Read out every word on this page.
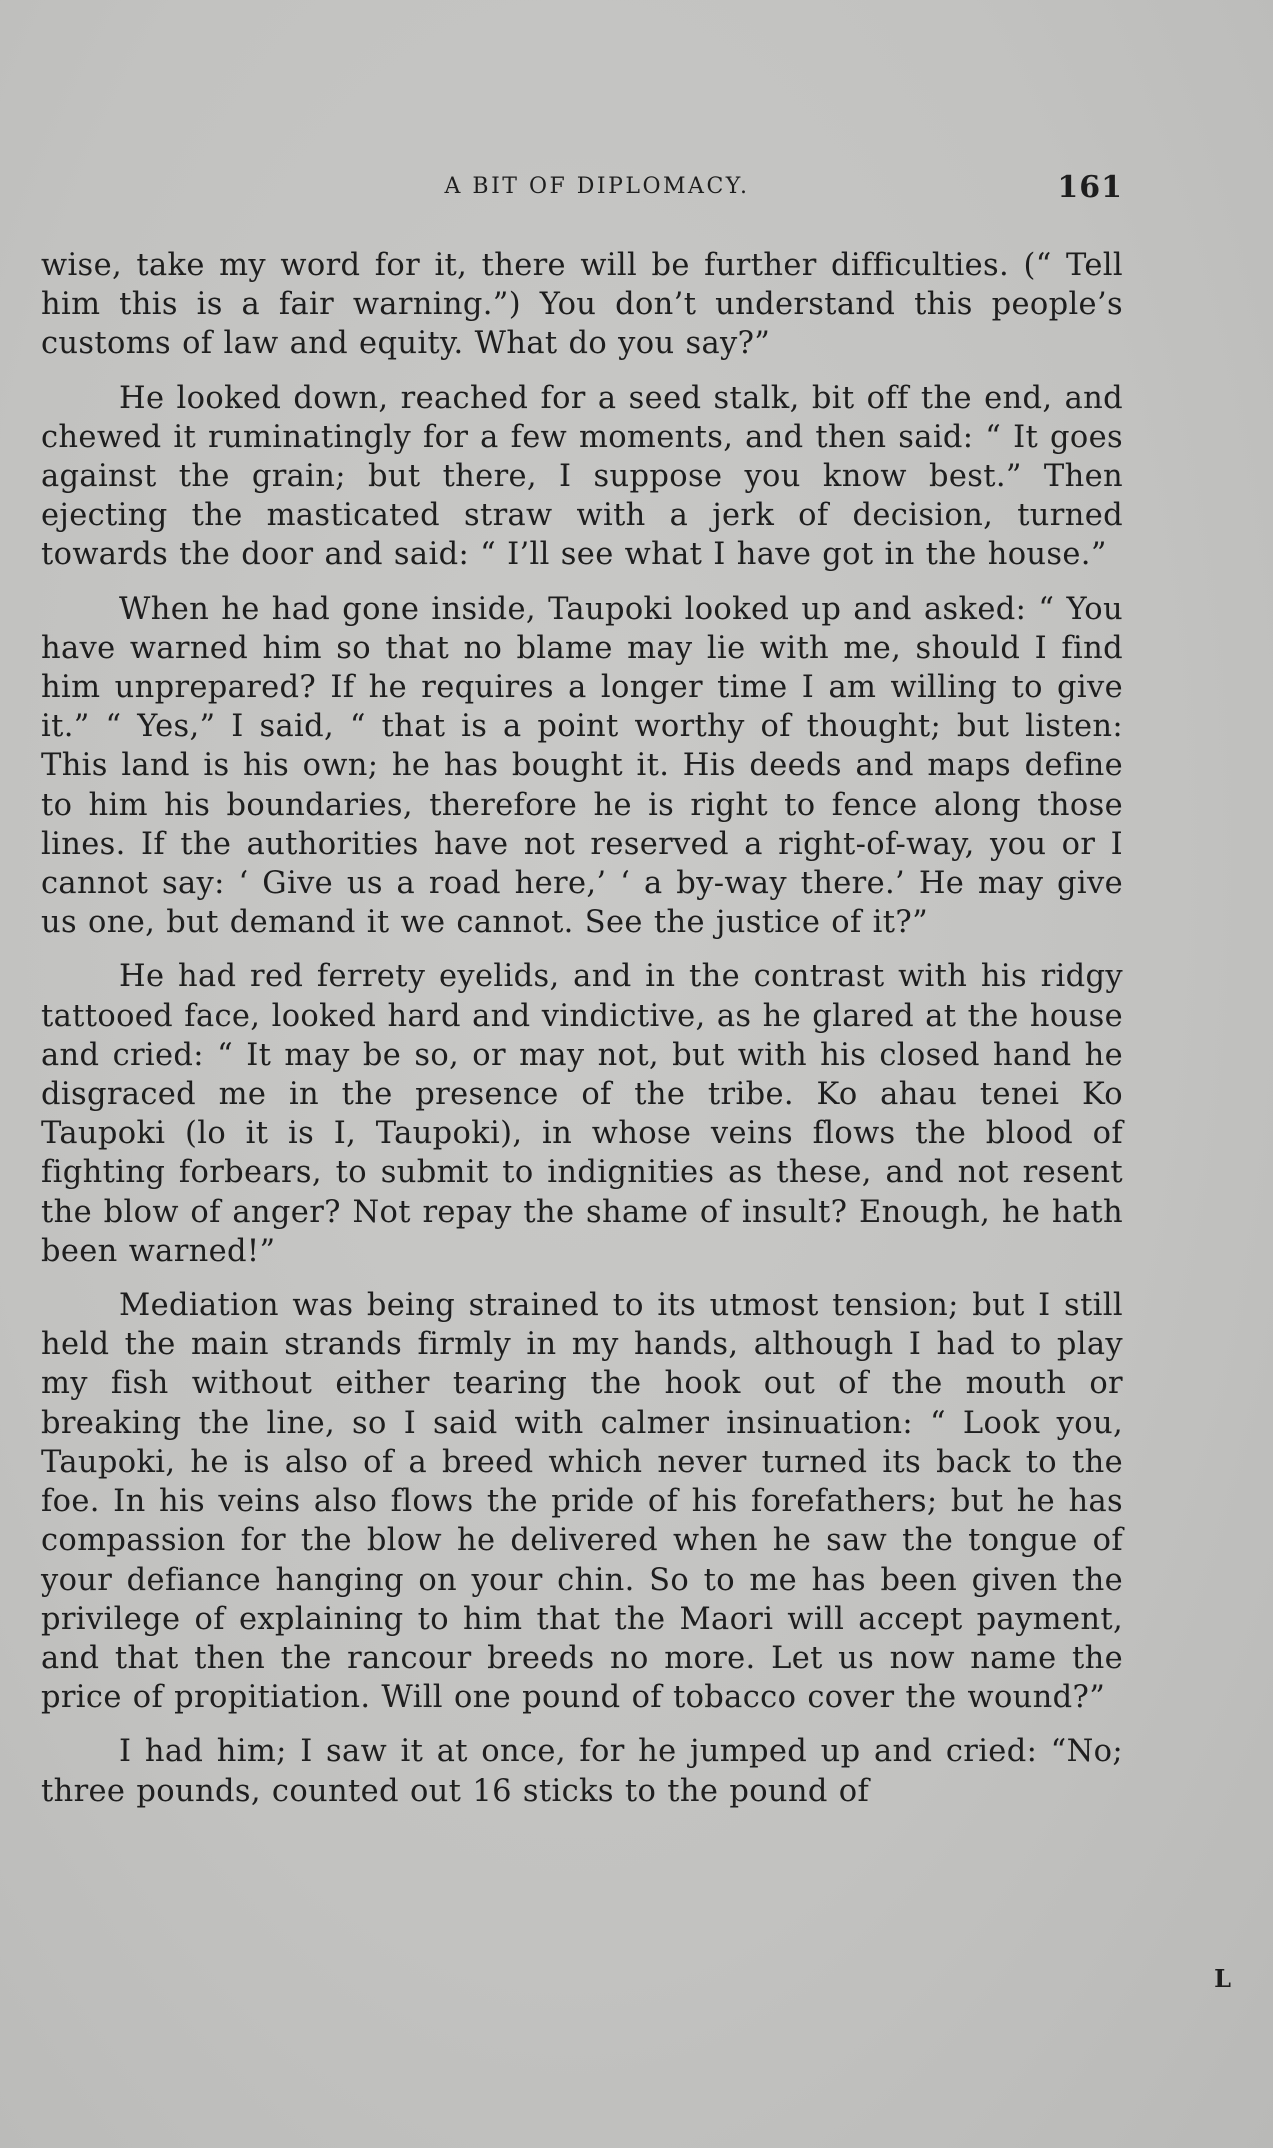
A BIT OF DIPLOMACY.	161

wise, take my word for it, there will be further difficulties. (“ Tell him this is a fair warning.”) You don’t understand this people’s customs of law and equity. What do you say?”

He looked down, reached for a seed stalk, bit off the end, and chewed it ruminatingly for a few moments, and then said: “ It goes against the grain; but there, I suppose you know best.” Then ejecting the masticated straw with a jerk of decision, turned towards the door and said: “ I’ll see what I have got in the house.”

When he had gone inside, Taupoki looked up and asked: “ You have warned him so that no blame may lie with me, should I find him unprepared? If he requires a longer time I am willing to give it.” “ Yes,” I said, “ that is a point worthy of thought; but listen: This land is his own; he has bought it. His deeds and maps define to him his boundaries, therefore he is right to fence along those lines. If the authorities have not reserved a right-of-way, you or I cannot say: ‘ Give us a road here,’ ‘ a by-way there.’ He may give us one, but demand it we cannot. See the justice of it?”

He had red ferrety eyelids, and in the contrast with his ridgy tattooed face, looked hard and vindictive, as he glared at the house and cried: “ It may be so, or may not, but with his closed hand he disgraced me in the presence of the tribe. Ko ahau tenei Ko Taupoki (lo it is I, Taupoki), in whose veins flows the blood of fighting forbears, to submit to indignities as these, and not resent the blow of anger? Not repay the shame of insult? Enough, he hath been warned!”

Mediation was being strained to its utmost tension; but I still held the main strands firmly in my hands, although I had to play my fish without either tearing the hook out of the mouth or breaking the line, so I said with calmer insinuation: “ Look you, Taupoki, he is also of a breed which never turned its back to the foe. In his veins also flows the pride of his forefathers; but he has compassion for the blow he delivered when he saw the tongue of your defiance hanging on your chin. So to me has been given the privilege of explaining to him that the Maori will accept payment, and that then the rancour breeds no more. Let us now name the price of propitiation. Will one pound of tobacco cover the wound?”

I had him; I saw it at once, for he jumped up and cried: “No; three pounds, counted out 16 sticks to the pound of

L
